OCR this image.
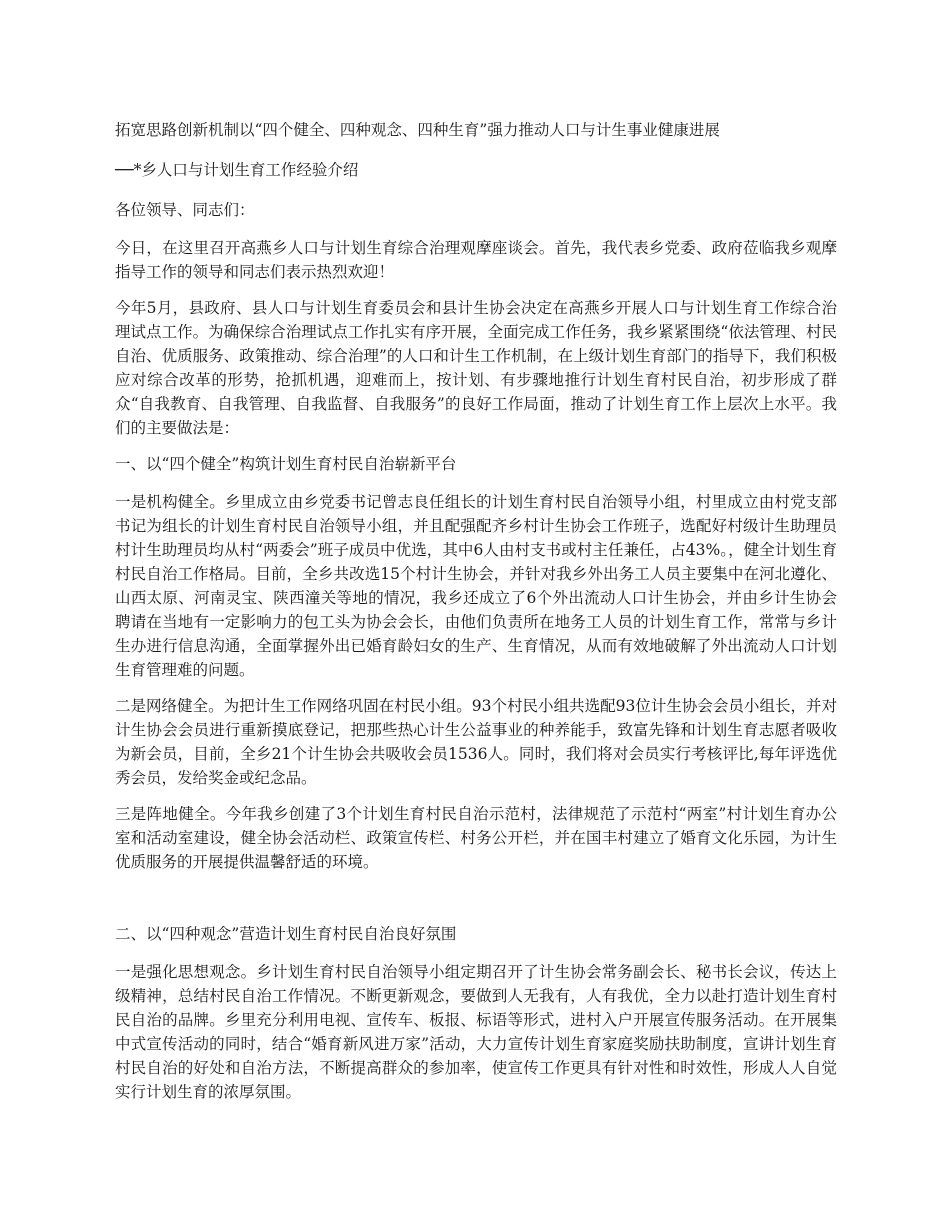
拓宽思路创新机制以“四个健全、四种观念、四种生育”强力推动人口与计生事业健康进展

──*乡人口与计划生育工作经验介绍

各位领导、同志们：

今日，在这里召开高燕乡人口与计划生育综合治理观摩座谈会。首先，我代表乡党委、政府莅临我乡观摩指导工作的领导和同志们表示热烈欢迎！

今年5月，县政府、县人口与计划生育委员会和县计生协会决定在高燕乡开展人口与计划生育工作综合治理试点工作。为确保综合治理试点工作扎实有序开展，全面完成工作任务，我乡紧紧围绕“依法管理、村民自治、优质服务、政策推动、综合治理”的人口和计生工作机制，在上级计划生育部门的指导下，我们积极应对综合改革的形势，抢抓机遇，迎难而上，按计划、有步骤地推行计划生育村民自治，初步形成了群众“自我教育、自我管理、自我监督、自我服务”的良好工作局面，推动了计划生育工作上层次上水平。我们的主要做法是：

一、以“四个健全”构筑计划生育村民自治崭新平台

一是机构健全。乡里成立由乡党委书记曾志良任组长的计划生育村民自治领导小组，村里成立由村党支部书记为组长的计划生育村民自治领导小组，并且配强配齐乡村计生协会工作班子，选配好村级计生助理员村计生助理员均从村“两委会”班子成员中优选，其中6人由村支书或村主任兼任，占43%。，健全计划生育村民自治工作格局。目前，全乡共改选15个村计生协会，并针对我乡外出务工人员主要集中在河北遵化、山西太原、河南灵宝、陕西潼关等地的情况，我乡还成立了6个外出流动人口计生协会，并由乡计生协会聘请在当地有一定影响力的包工头为协会会长，由他们负责所在地务工人员的计划生育工作，常常与乡计生办进行信息沟通，全面掌握外出已婚育龄妇女的生产、生育情况，从而有效地破解了外出流动人口计划生育管理难的问题。

二是网络健全。为把计生工作网络巩固在村民小组。93个村民小组共选配93位计生协会会员小组长，并对计生协会会员进行重新摸底登记，把那些热心计生公益事业的种养能手，致富先锋和计划生育志愿者吸收为新会员，目前，全乡21个计生协会共吸收会员1536人。同时，我们将对会员实行考核评比,每年评选优秀会员，发给奖金或纪念品。

三是阵地健全。今年我乡创建了3个计划生育村民自治示范村，法律规范了示范村“两室”村计划生育办公室和活动室建设，健全协会活动栏、政策宣传栏、村务公开栏，并在国丰村建立了婚育文化乐园，为计生优质服务的开展提供温馨舒适的环境。

二、以“四种观念”营造计划生育村民自治良好氛围

一是强化思想观念。乡计划生育村民自治领导小组定期召开了计生协会常务副会长、秘书长会议，传达上级精神，总结村民自治工作情况。不断更新观念，要做到人无我有，人有我优，全力以赴打造计划生育村民自治的品牌。乡里充分利用电视、宣传车、板报、标语等形式，进村入户开展宣传服务活动。在开展集中式宣传活动的同时，结合“婚育新风进万家”活动，大力宣传计划生育家庭奖励扶助制度，宣讲计划生育村民自治的好处和自治方法，不断提高群众的参加率，使宣传工作更具有针对性和时效性，形成人人自觉实行计划生育的浓厚氛围。
